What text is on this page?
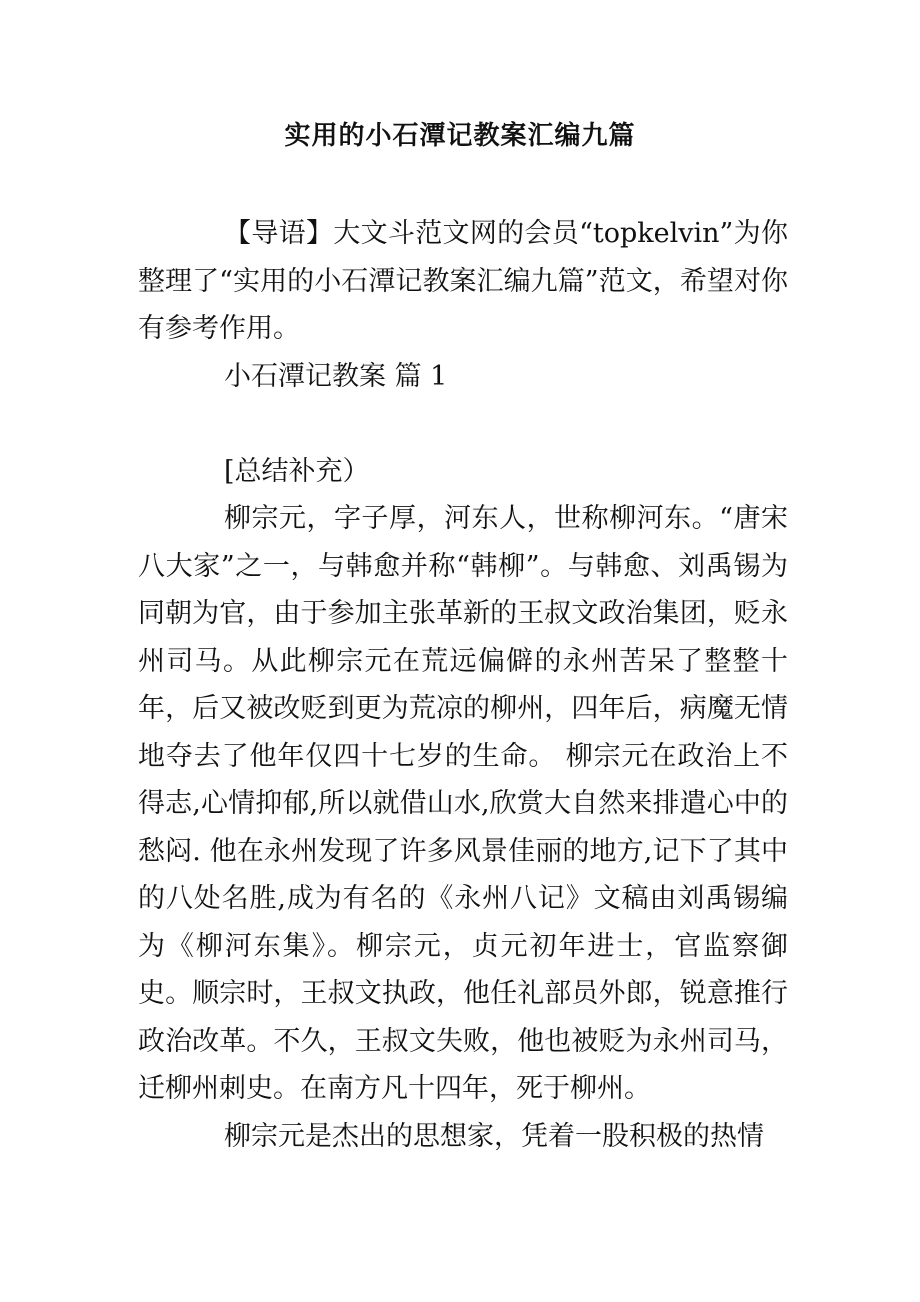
实用的小石潭记教案汇编九篇

【导语】大文斗范文网的会员“topkelvin”为你整理了“实用的小石潭记教案汇编九篇”范文，希望对你有参考作用。

小石潭记教案 篇 1

[总结补充）

柳宗元，字子厚，河东人，世称柳河东。“唐宋八大家”之一，与韩愈并称“韩柳”。与韩愈、刘禹锡为同朝为官，由于参加主张革新的王叔文政治集团，贬永州司马。从此柳宗元在荒远偏僻的永州苦呆了整整十年，后又被改贬到更为荒凉的柳州，四年后，病魔无情地夺去了他年仅四十七岁的生命。 柳宗元在政治上不得志,心情抑郁,所以就借山水,欣赏大自然来排遣心中的愁闷. 他在永州发现了许多风景佳丽的地方,记下了其中的八处名胜,成为有名的《永州八记》文稿由刘禹锡编为《柳河东集》。柳宗元，贞元初年进士，官监察御史。顺宗时，王叔文执政，他任礼部员外郎，锐意推行政治改革。不久，王叔文失败，他也被贬为永州司马，迁柳州刺史。在南方凡十四年，死于柳州。

柳宗元是杰出的思想家，凭着一股积极的热情
